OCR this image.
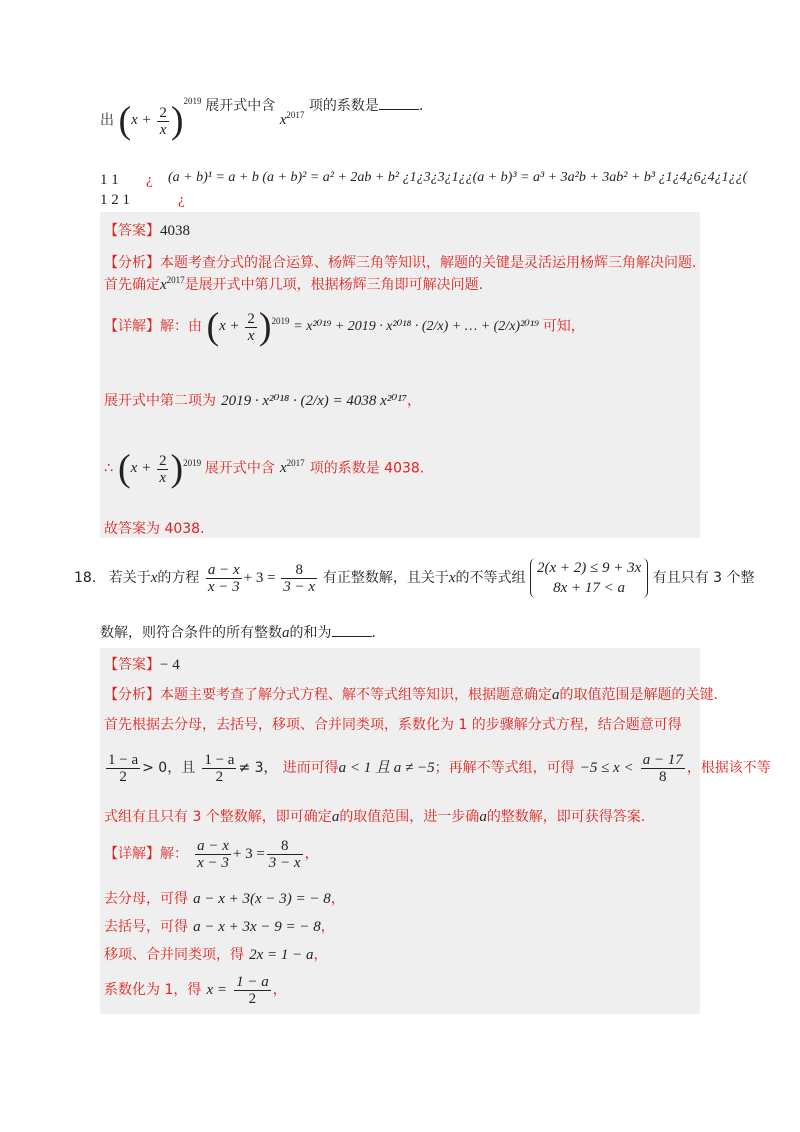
出 $(x + \frac{2}{x} )^{2019}$ 展开式中含 $x^{2017}$ 项的系数是	.
1 1
1 2 1
¿
¿
(a + b)¹ = a + b (a + b)² = a² + 2ab + b² ¿1¿3¿3¿1¿¿(a + b)³ = a³ + 3a²b + 3ab² + b³ ¿1¿4¿6¿4¿1¿¿(
【答案】4038
【分析】本题考查分式的混合运算、杨辉三角等知识，解题的关键是灵活运用杨辉三角解决问题.
首先确定$x^{2017}$是展开式中第几项，根据杨辉三角即可解决问题.
【详解】解：由 $(x + \frac{2}{x} )^{2019} = x^{2019} + 2019 \cdot x^{2018} \cdot (2/x)$ + … + (2/x)²⁰¹⁹ 可知，
展开式中第二项为 2019 · x²⁰¹⁸ · (2/x) = 4038 x²⁰¹⁷，
∴ $(x + \frac{2}{x} )^{2019}$ 展开式中含 $x^{2017}$ 项的系数是 4038.
故答案为 4038.
18. 若关于x的方程 $\frac{a - x}{x - 3} + 3 = \frac{8}{3 - x}$ 有正整数解，且关于x的不等式组 2(x + 2) ≤ 9 + 3x
8x + 17 < a 有且只有 3 个整
数解，则符合条件的所有整数a的和为	.
【答案】− 4
【分析】本题主要考查了解分式方程、解不等式组等知识，根据题意确定a的取值范围是解题的关键.
首先根据去分母，去括号，移项、合并同类项，系数化为 1 的步骤解分式方程，结合题意可得
$\frac{1 - a}{2} > 0$，且 $\frac{1 - a}{2} \ne 3$， 进而可得a < 1 且 a ≠ −5；再解不等式组，可得 $-5 \le x < \frac{a - 17}{8}$ ，根据该不等
式组有且只有 3 个整数解，即可确定a的取值范围，进一步确a的整数解，即可获得答案.
【详解】解： $\frac{a - x}{x - 3} + 3 = \frac{8}{3 - x}$ ，
去分母，可得 a − x + 3(x − 3) = − 8，
去括号，可得 a − x + 3x − 9 = − 8，
移项、合并同类项，得 2x = 1 − a，
系数化为 1，得 $x = \frac{1 - a}{2}$ ，
